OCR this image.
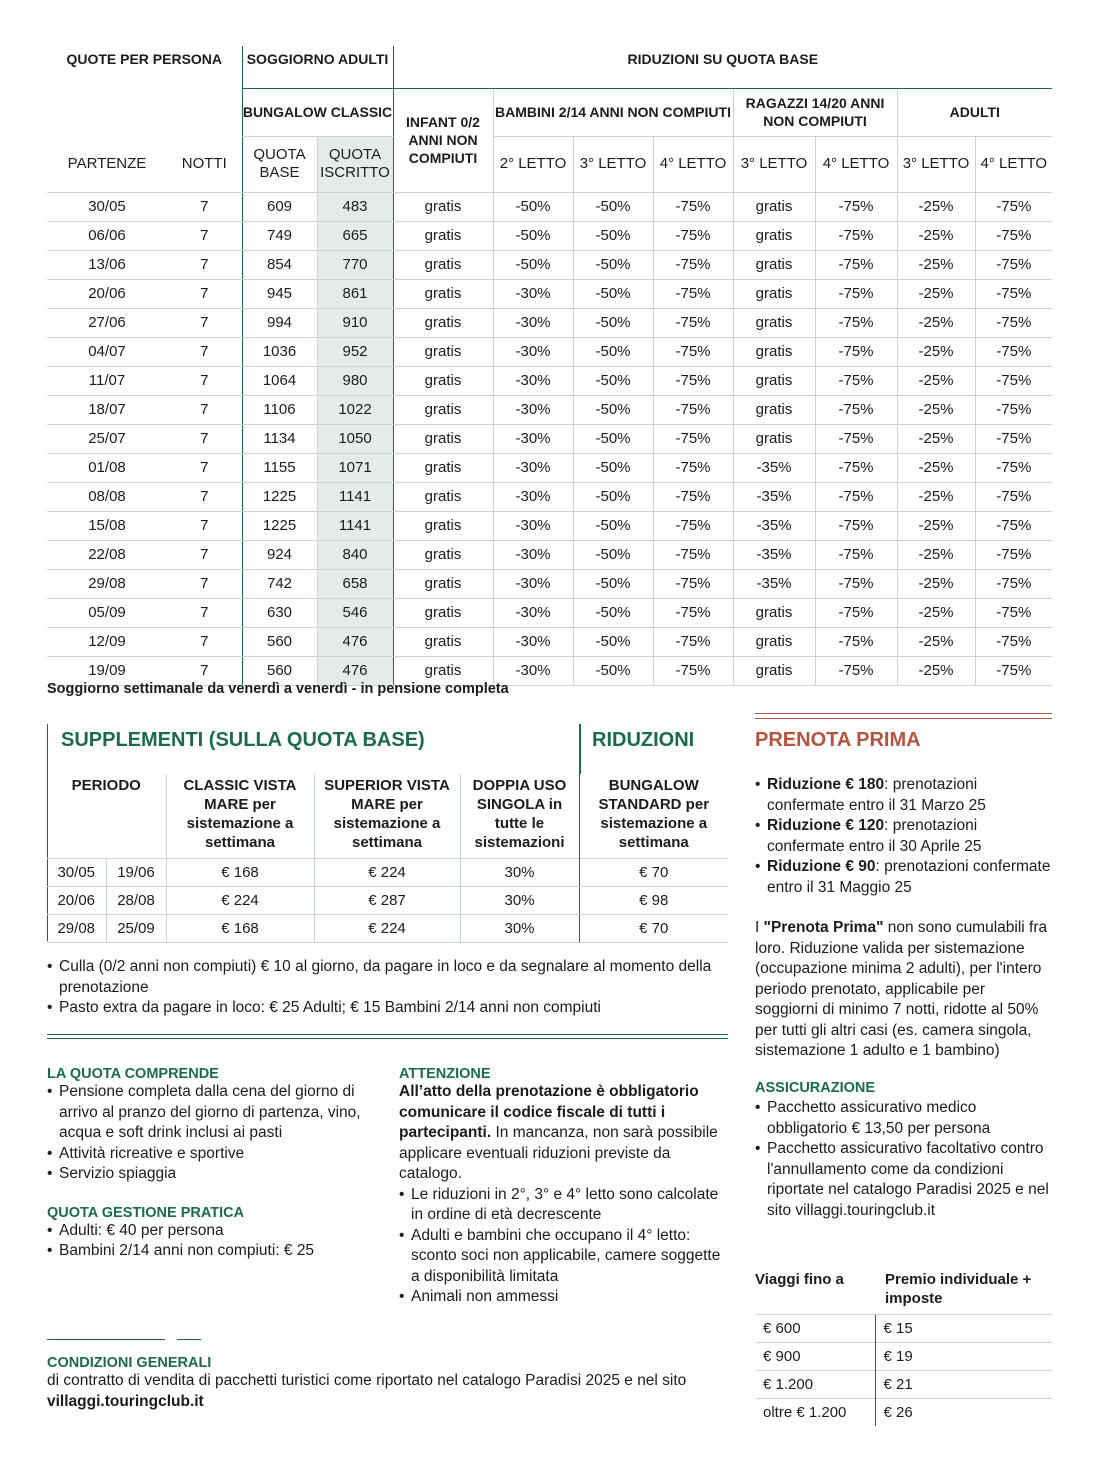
QUOTE PER PERSONA		SOGGIORNO ADULTI		RIDUZIONI SU QUOTA BASE							
		BUNGALOW CLASSIC		INFANT 0/2 ANNI NON COMPIUTI	BAMBINI 2/14 ANNI NON COMPIUTI			RAGAZZI 14/20 ANNI NON COMPIUTI		ADULTI	
PARTENZE	NOTTI	QUOTA BASE	QUOTA ISCRITTO		2° LETTO	3° LETTO	4° LETTO	3° LETTO	4° LETTO	3° LETTO	4° LETTO
30/05	7	609	483	gratis	-50%	-50%	-75%	gratis	-75%	-25%	-75%
06/06	7	749	665	gratis	-50%	-50%	-75%	gratis	-75%	-25%	-75%
13/06	7	854	770	gratis	-50%	-50%	-75%	gratis	-75%	-25%	-75%
20/06	7	945	861	gratis	-30%	-50%	-75%	gratis	-75%	-25%	-75%
27/06	7	994	910	gratis	-30%	-50%	-75%	gratis	-75%	-25%	-75%
04/07	7	1036	952	gratis	-30%	-50%	-75%	gratis	-75%	-25%	-75%
11/07	7	1064	980	gratis	-30%	-50%	-75%	gratis	-75%	-25%	-75%
18/07	7	1106	1022	gratis	-30%	-50%	-75%	gratis	-75%	-25%	-75%
25/07	7	1134	1050	gratis	-30%	-50%	-75%	gratis	-75%	-25%	-75%
01/08	7	1155	1071	gratis	-30%	-50%	-75%	-35%	-75%	-25%	-75%
08/08	7	1225	1141	gratis	-30%	-50%	-75%	-35%	-75%	-25%	-75%
15/08	7	1225	1141	gratis	-30%	-50%	-75%	-35%	-75%	-25%	-75%
22/08	7	924	840	gratis	-30%	-50%	-75%	-35%	-75%	-25%	-75%
29/08	7	742	658	gratis	-30%	-50%	-75%	-35%	-75%	-25%	-75%
05/09	7	630	546	gratis	-30%	-50%	-75%	gratis	-75%	-25%	-75%
12/09	7	560	476	gratis	-30%	-50%	-75%	gratis	-75%	-25%	-75%
19/09	7	560	476	gratis	-30%	-50%	-75%	gratis	-75%	-25%	-75%
Soggiorno settimanale da venerdì a venerdì - in pensione completa
SUPPLEMENTI (SULLA QUOTA BASE)	RIDUZIONI
PERIODO		CLASSIC VISTA MARE per sistemazione a settimana	SUPERIOR VISTA MARE per sistemazione a settimana	DOPPIA USO SINGOLA in tutte le sistemazioni	BUNGALOW STANDARD per sistemazione a settimana
30/05	19/06	€ 168	€ 224	30%	€ 70
20/06	28/08	€ 224	€ 287	30%	€ 98
29/08	25/09	€ 168	€ 224	30%	€ 70
• Culla (0/2 anni non compiuti) € 10 al giorno, da pagare in loco e da segnalare al momento della prenotazione
• Pasto extra da pagare in loco: € 25 Adulti; € 15 Bambini 2/14 anni non compiuti
LA QUOTA COMPRENDE
• Pensione completa dalla cena del giorno di arrivo al pranzo del giorno di partenza, vino, acqua e soft drink inclusi ai pasti
• Attività ricreative e sportive
• Servizio spiaggia
QUOTA GESTIONE PRATICA
• Adulti: € 40 per persona
• Bambini 2/14 anni non compiuti: € 25
ATTENZIONE
All’atto della prenotazione è obbligatorio comunicare il codice fiscale di tutti i partecipanti. In mancanza, non sarà possibile applicare eventuali riduzioni previste da catalogo.
• Le riduzioni in 2°, 3° e 4° letto sono calcolate in ordine di età decrescente
• Adulti e bambini che occupano il 4° letto: sconto soci non applicabile, camere soggette a disponibilità limitata
• Animali non ammessi
CONDIZIONI GENERALI
di contratto di vendita di pacchetti turistici come riportato nel catalogo Paradisi 2025 e nel sito villaggi.touringclub.it
PRENOTA PRIMA
• Riduzione € 180: prenotazioni confermate entro il 31 Marzo 25
• Riduzione € 120: prenotazioni confermate entro il 30 Aprile 25
• Riduzione € 90: prenotazioni confermate entro il 31 Maggio 25
I "Prenota Prima" non sono cumulabili fra loro. Riduzione valida per sistemazione (occupazione minima 2 adulti), per l'intero periodo prenotato, applicabile per soggiorni di minimo 7 notti, ridotte al 50% per tutti gli altri casi (es. camera singola, sistemazione 1 adulto e 1 bambino)
ASSICURAZIONE
• Pacchetto assicurativo medico obbligatorio € 13,50 per persona
• Pacchetto assicurativo facoltativo contro l'annullamento come da condizioni riportate nel catalogo Paradisi 2025 e nel sito villaggi.touringclub.it
Viaggi fino a	Premio individuale + imposte
€ 600	€ 15
€ 900	€ 19
€ 1.200	€ 21
oltre € 1.200	€ 26
